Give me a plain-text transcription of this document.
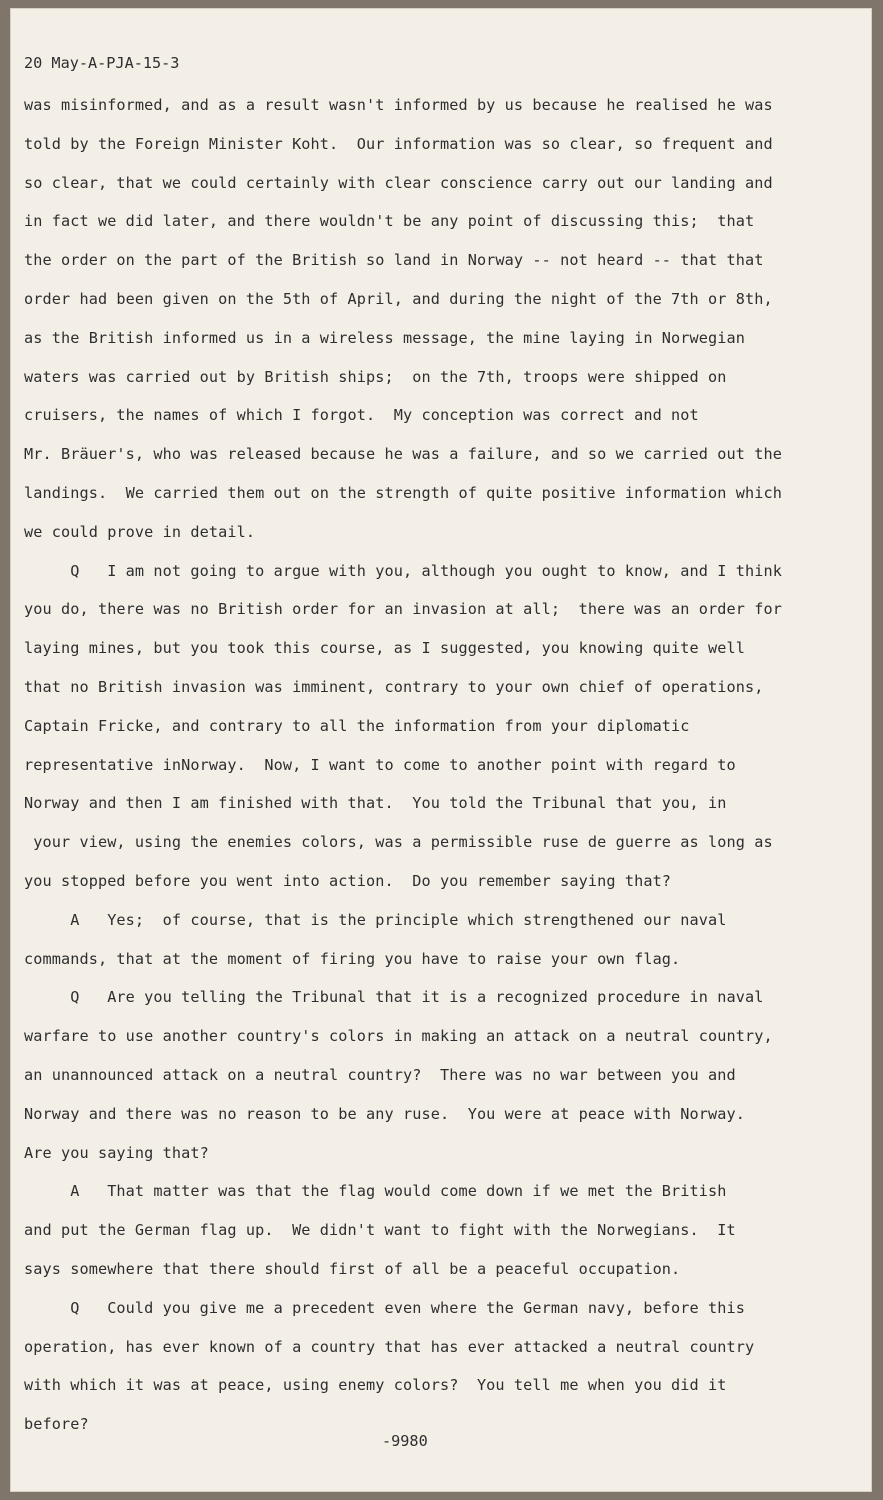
20 May-A-PJA-15-3
was misinformed, and as a result wasn't informed by us because he realised he was
told by the Foreign Minister Koht.  Our information was so clear, so frequent and
so clear, that we could certainly with clear conscience carry out our landing and
in fact we did later, and there wouldn't be any point of discussing this;  that
the order on the part of the British so land in Norway -- not heard -- that that
order had been given on the 5th of April, and during the night of the 7th or 8th,
as the British informed us in a wireless message, the mine laying in Norwegian
waters was carried out by British ships;  on the 7th, troops were shipped on
cruisers, the names of which I forgot.  My conception was correct and not
Mr. Bräuer's, who was released because he was a failure, and so we carried out the
landings.  We carried them out on the strength of quite positive information which
we could prove in detail.
Q   I am not going to argue with you, although you ought to know, and I think
you do, there was no British order for an invasion at all;  there was an order for
laying mines, but you took this course, as I suggested, you knowing quite well
that no British invasion was imminent, contrary to your own chief of operations,
Captain Fricke, and contrary to all the information from your diplomatic
representative inNorway.  Now, I want to come to another point with regard to
Norway and then I am finished with that.  You told the Tribunal that you, in
your view, using the enemies colors, was a permissible ruse de guerre as long as
you stopped before you went into action.  Do you remember saying that?
A   Yes;  of course, that is the principle which strengthened our naval
commands, that at the moment of firing you have to raise your own flag.
Q   Are you telling the Tribunal that it is a recognized procedure in naval
warfare to use another country's colors in making an attack on a neutral country,
an unannounced attack on a neutral country?  There was no war between you and
Norway and there was no reason to be any ruse.  You were at peace with Norway.
Are you saying that?
A   That matter was that the flag would come down if we met the British
and put the German flag up.  We didn't want to fight with the Norwegians.  It
says somewhere that there should first of all be a peaceful occupation.
Q   Could you give me a precedent even where the German navy, before this
operation, has ever known of a country that has ever attacked a neutral country
with which it was at peace, using enemy colors?  You tell me when you did it
before?
-9980
